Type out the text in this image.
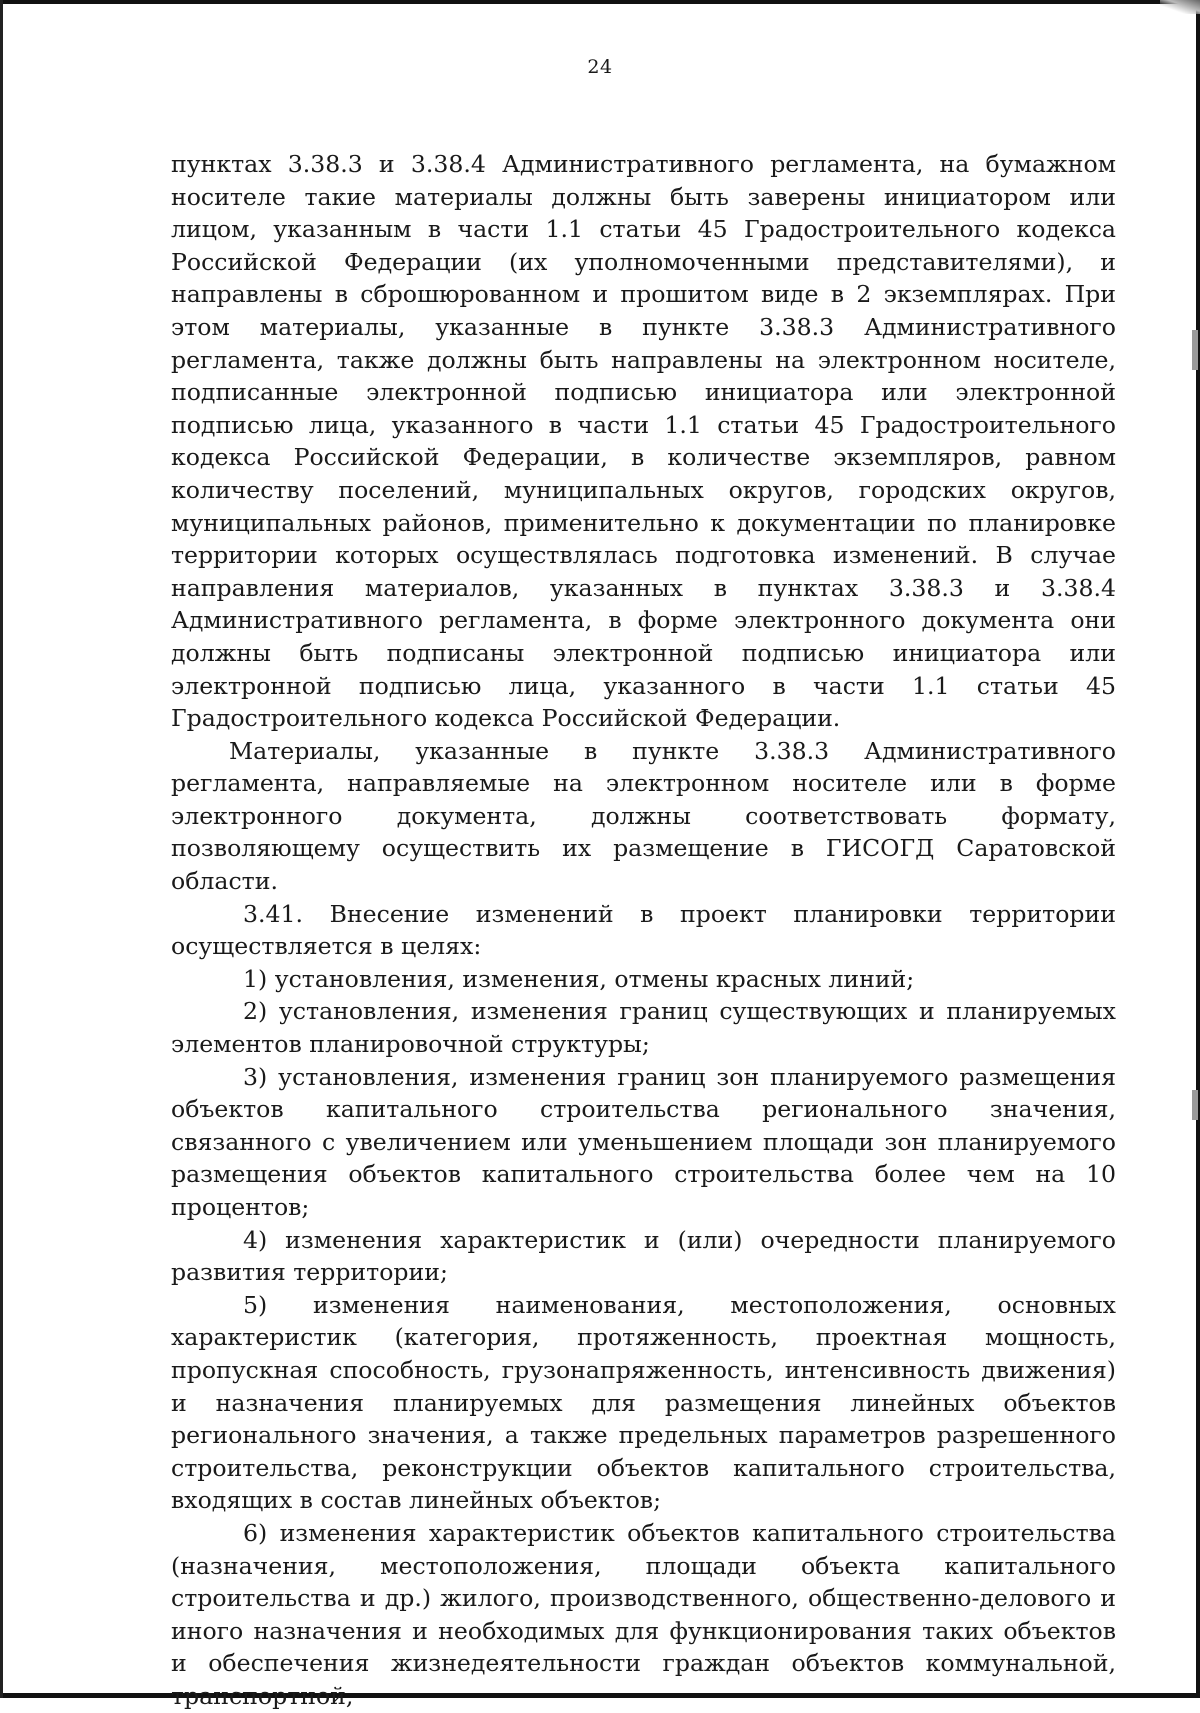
24

пунктах 3.38.3 и 3.38.4 Административного регламента, на бумажном носителе такие материалы должны быть заверены инициатором или лицом, указанным в части 1.1 статьи 45 Градостроительного кодекса Российской Федерации (их уполномоченными представителями), и направлены в сброшюрованном и прошитом виде в 2 экземплярах. При этом материалы, указанные в пункте 3.38.3 Административного регламента, также должны быть направлены на электронном носителе, подписанные электронной подписью инициатора или электронной подписью лица, указанного в части 1.1 статьи 45 Градостроительного кодекса Российской Федерации, в количестве экземпляров, равном количеству поселений, муниципальных округов, городских округов, муниципальных районов, применительно к документации по планировке территории которых осуществлялась подготовка изменений. В случае направления материалов, указанных в пунктах 3.38.3 и 3.38.4 Административного регламента, в форме электронного документа они должны быть подписаны электронной подписью инициатора или электронной подписью лица, указанного в части 1.1 статьи 45 Градостроительного кодекса Российской Федерации.

Материалы, указанные в пункте 3.38.3 Административного регламента, направляемые на электронном носителе или в форме электронного документа, должны соответствовать формату, позволяющему осуществить их размещение в ГИСОГД Саратовской области.

3.41. Внесение изменений в проект планировки территории осуществляется в целях:

1) установления, изменения, отмены красных линий;

2) установления, изменения границ существующих и планируемых элементов планировочной структуры;

3) установления, изменения границ зон планируемого размещения объектов капитального строительства регионального значения, связанного с увеличением или уменьшением площади зон планируемого размещения объектов капитального строительства более чем на 10 процентов;

4) изменения характеристик и (или) очередности планируемого развития территории;

5) изменения наименования, местоположения, основных характеристик (категория, протяженность, проектная мощность, пропускная способность, грузонапряженность, интенсивность движения) и назначения планируемых для размещения линейных объектов регионального значения, а также предельных параметров разрешенного строительства, реконструкции объектов капитального строительства, входящих в состав линейных объектов;

6) изменения характеристик объектов капитального строительства (назначения, местоположения, площади объекта капитального строительства и др.) жилого, производственного, общественно-делового и иного назначения и необходимых для функционирования таких объектов и обеспечения жизнедеятельности граждан объектов коммунальной, транспортной,
